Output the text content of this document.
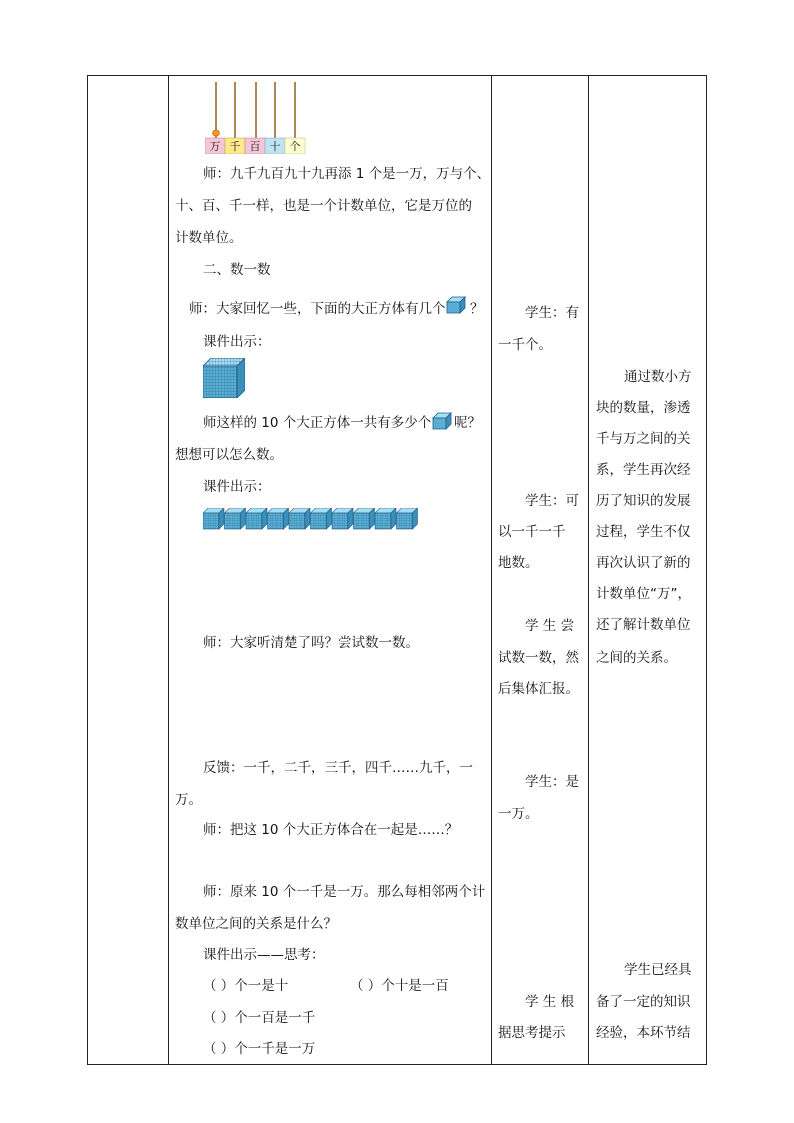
万 千 百 十 个
师：九千九百九十九再添 1 个是一万，万与个、
十、百、千一样，也是一个计数单位，它是万位的
计数单位。
二、数一数
师：大家回忆一些，下面的大正方体有几个 ？
课件出示：
师这样的 10 个大正方体一共有多少个 呢？
想想可以怎么数。
课件出示：
师：大家听清楚了吗？尝试数一数。
反馈：一千，二千，三千，四千……九千，一
万。
师：把这 10 个大正方体合在一起是……？
师：原来 10 个一千是一万。那么每相邻两个计
数单位之间的关系是什么？
课件出示——思考：
（ ）个一是十	（ ）个十是一百
（ ）个一百是一千
（ ）个一千是一万
学生：有
一千个。
学生：可
以一千一千
地数。
学 生 尝
试数一数，然
后集体汇报。
学生：是
一万。
学 生 根
据思考提示
通过数小方
块的数量，渗透
千与万之间的关
系，学生再次经
历了知识的发展
过程，学生不仅
再次认识了新的
计数单位“万”，
还了解计数单位
之间的关系。
学生已经具
备了一定的知识
经验，本环节结
